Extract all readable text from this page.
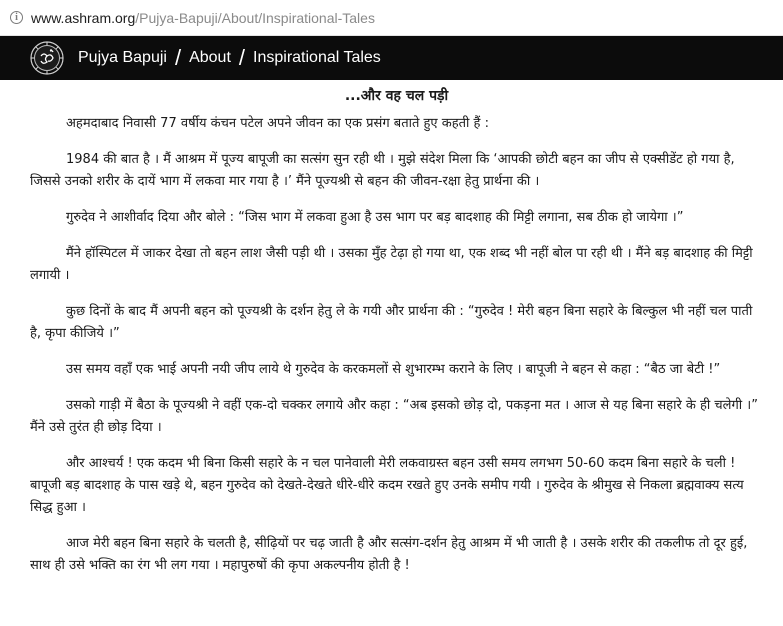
i www.ashram.org /Pujya-Bapuji/About/Inspirational-Tales
Pujya Bapuji / About / Inspirational Tales
...और वह चल पड़ी

अहमदाबाद निवासी 77 वर्षीय कंचन पटेल अपने जीवन का एक प्रसंग बताते हुए कहती हैं :

1984 की बात है । मैं आश्रम में पूज्य बापूजी का सत्संग सुन रही थी । मुझे संदेश मिला कि ‘आपकी छोटी बहन का जीप से एक्सीडेंट हो गया है, जिससे उनको शरीर के दायें भाग में लकवा मार गया है ।’ मैंने पूज्यश्री से बहन की जीवन-रक्षा हेतु प्रार्थना की ।

गुरुदेव ने आशीर्वाद दिया और बोले : “जिस भाग में लकवा हुआ है उस भाग पर बड़ बादशाह की मिट्टी लगाना, सब ठीक हो जायेगा ।”

मैंने हॉस्पिटल में जाकर देखा तो बहन लाश जैसी पड़ी थी । उसका मुँह टेढ़ा हो गया था, एक शब्द भी नहीं बोल पा रही थी । मैंने बड़ बादशाह की मिट्टी लगायी ।

कुछ दिनों के बाद मैं अपनी बहन को पूज्यश्री के दर्शन हेतु ले के गयी और प्रार्थना की : “गुरुदेव ! मेरी बहन बिना सहारे के बिल्कुल भी नहीं चल पाती है, कृपा कीजिये ।”

उस समय वहाँ एक भाई अपनी नयी जीप लाये थे गुरुदेव के करकमलों से शुभारम्भ कराने के लिए । बापूजी ने बहन से कहा : “बैठ जा बेटी !”

उसको गाड़ी में बैठा के पूज्यश्री ने वहीं एक-दो चक्कर लगाये और कहा : “अब इसको छोड़ दो, पकड़ना मत । आज से यह बिना सहारे के ही चलेगी ।” मैंने उसे तुरंत ही छोड़ दिया ।

और आश्चर्य ! एक कदम भी बिना किसी सहारे के न चल पानेवाली मेरी लकवाग्रस्त बहन उसी समय लगभग 50-60 कदम बिना सहारे के चली ! बापूजी बड़ बादशाह के पास खड़े थे, बहन गुरुदेव को देखते-देखते धीरे-धीरे कदम रखते हुए उनके समीप गयी । गुरुदेव के श्रीमुख से निकला ब्रह्मवाक्य सत्य सिद्ध हुआ ।

आज मेरी बहन बिना सहारे के चलती है, सीढ़ियों पर चढ़ जाती है और सत्संग-दर्शन हेतु आश्रम में भी जाती है । उसके शरीर की तकलीफ तो दूर हुई, साथ ही उसे भक्ति का रंग भी लग गया । महापुरुषों की कृपा अकल्पनीय होती है !
